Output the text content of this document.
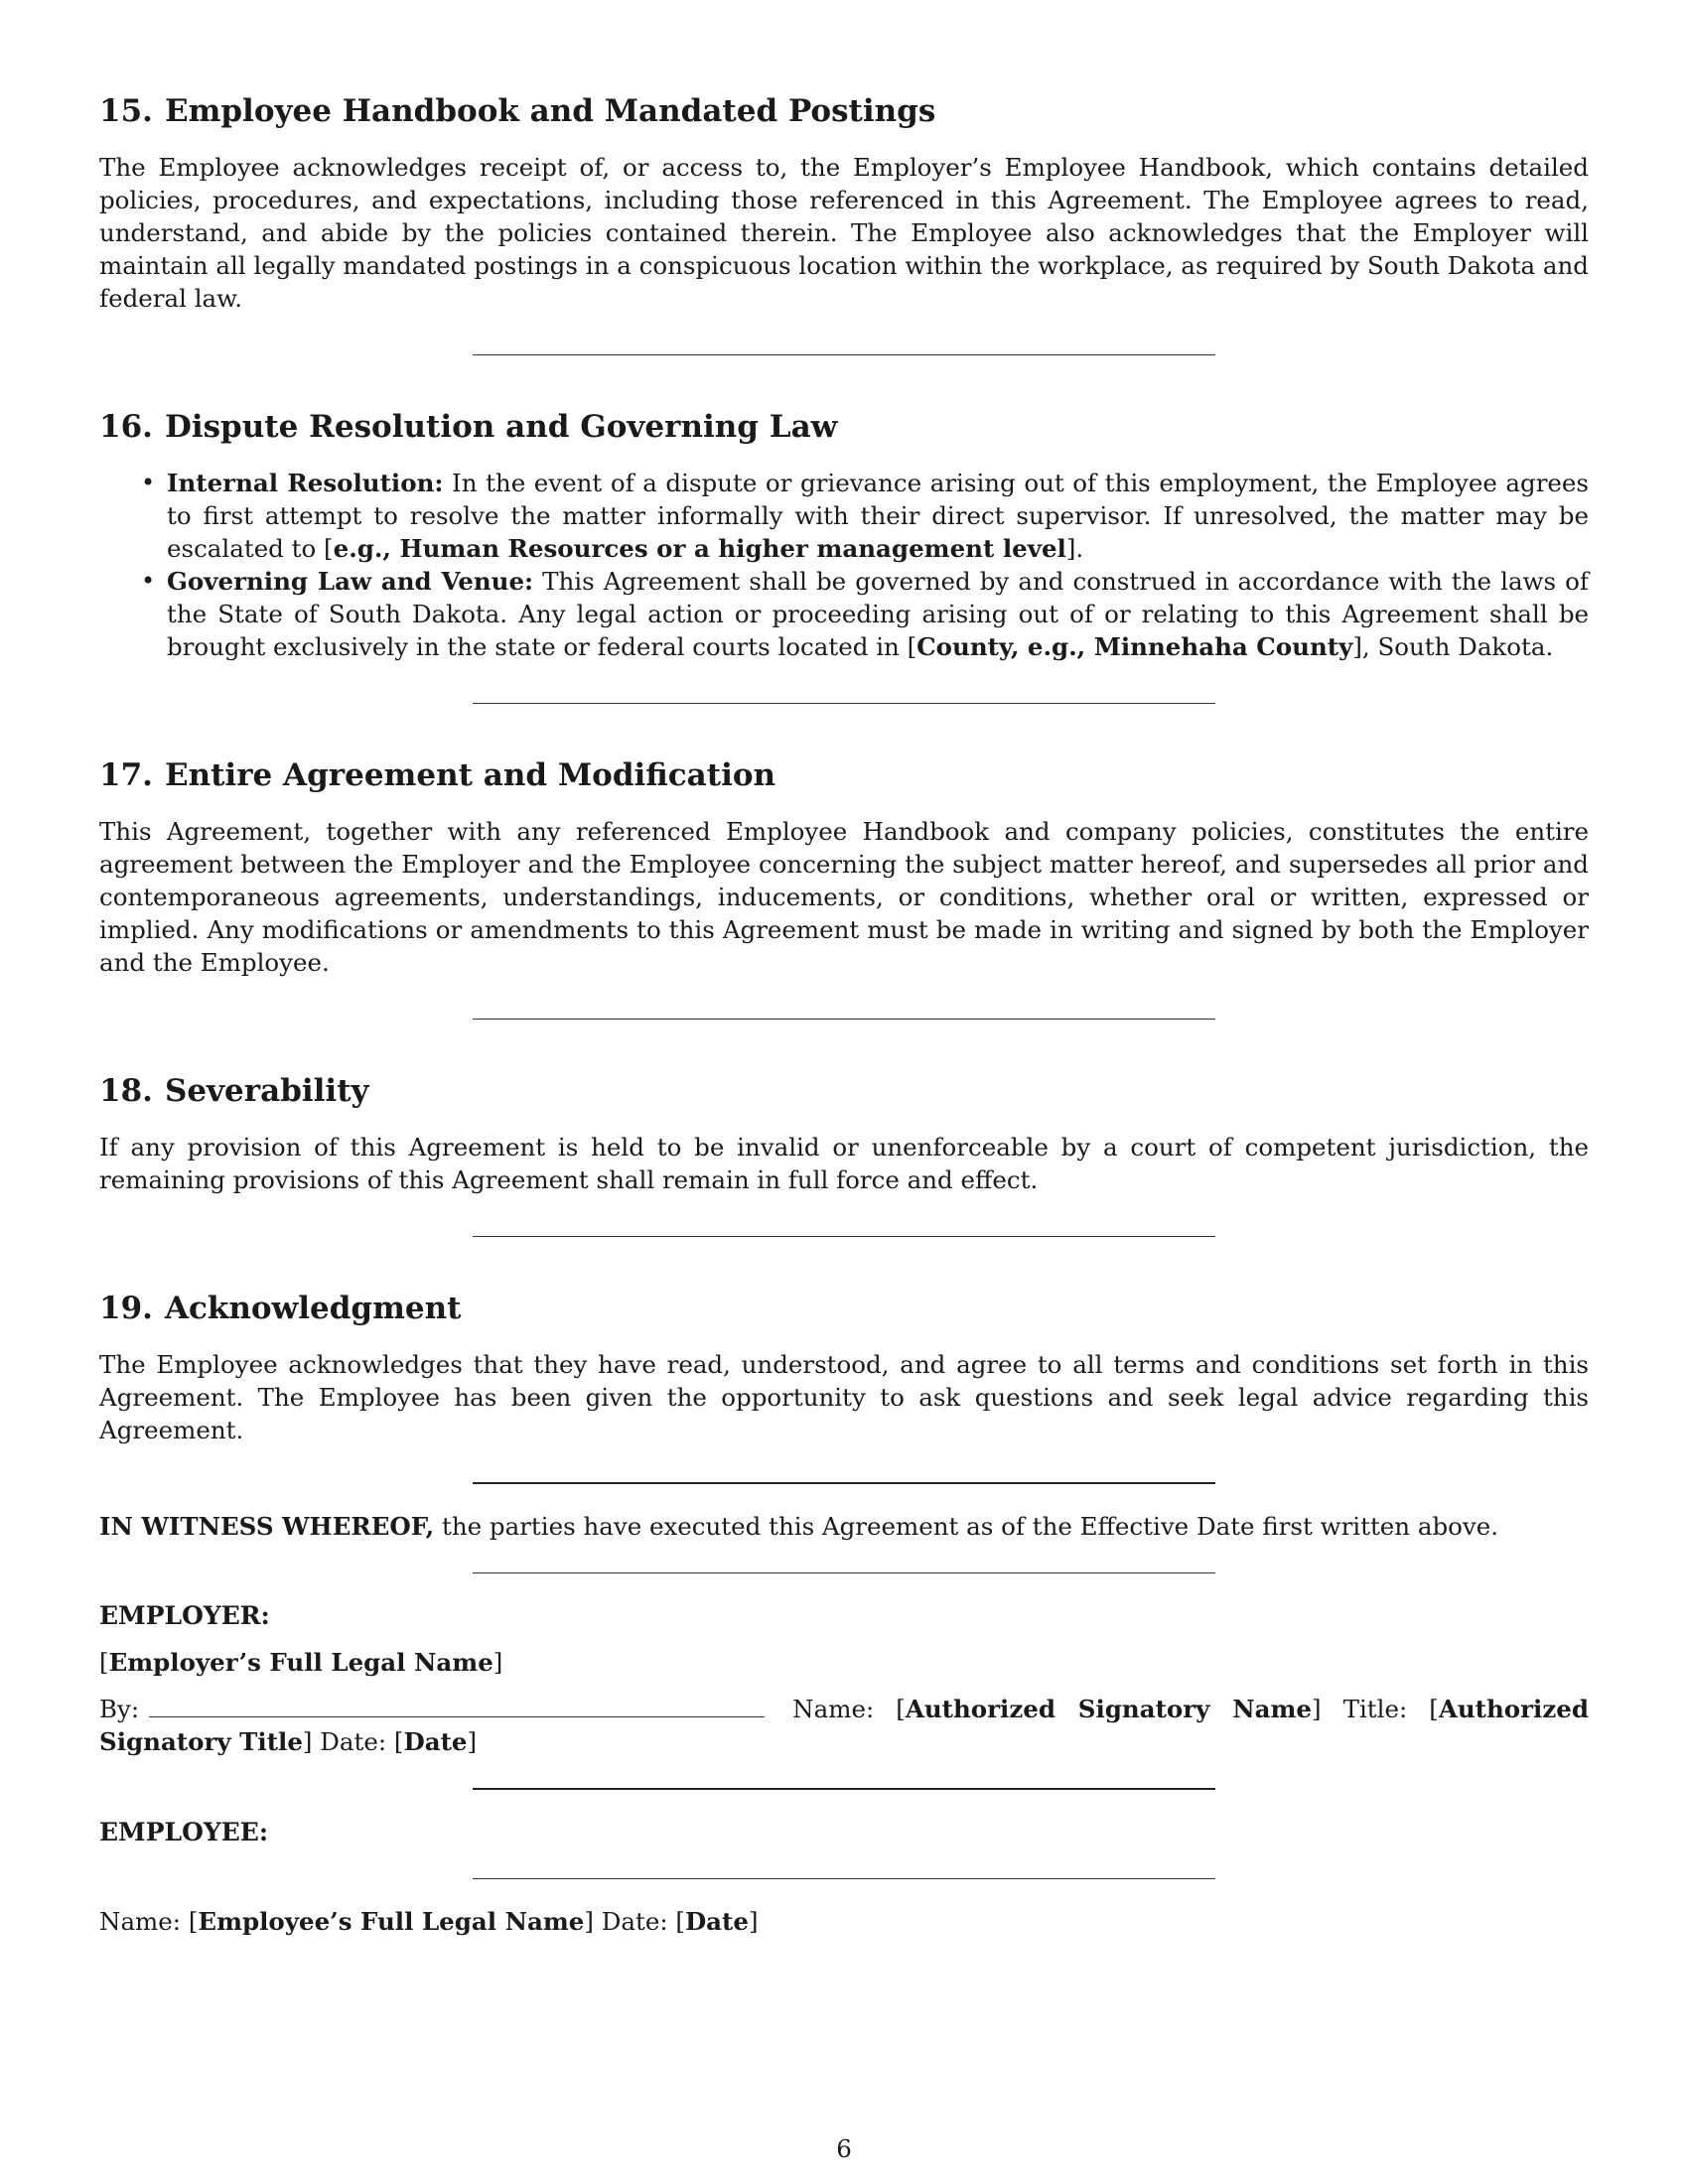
15. Employee Handbook and Mandated Postings

The Employee acknowledges receipt of, or access to, the Employer’s Employee Handbook, which contains detailed policies, procedures, and expectations, including those referenced in this Agreement. The Employee agrees to read, understand, and abide by the policies contained therein. The Employee also acknowledges that the Employer will maintain all legally mandated postings in a conspicuous location within the workplace, as required by South Dakota and federal law.

16. Dispute Resolution and Governing Law
• Internal Resolution: In the event of a dispute or grievance arising out of this employment, the Employee agrees to first attempt to resolve the matter informally with their direct supervisor. If unresolved, the matter may be escalated to [e.g., Human Resources or a higher management level].
• Governing Law and Venue: This Agreement shall be governed by and construed in accordance with the laws of the State of South Dakota. Any legal action or proceeding arising out of or relating to this Agreement shall be brought exclusively in the state or federal courts located in [County, e.g., Minnehaha County], South Dakota.
17. Entire Agreement and Modification

This Agreement, together with any referenced Employee Handbook and company policies, constitutes the entire agreement between the Employer and the Employee concerning the subject matter hereof, and supersedes all prior and contemporaneous agreements, understandings, inducements, or conditions, whether oral or written, expressed or implied. Any modifications or amendments to this Agreement must be made in writing and signed by both the Employer and the Employee.

18. Severability

If any provision of this Agreement is held to be invalid or unenforceable by a court of competent jurisdiction, the remaining provisions of this Agreement shall remain in full force and effect.

19. Acknowledgment

The Employee acknowledges that they have read, understood, and agree to all terms and conditions set forth in this Agreement. The Employee has been given the opportunity to ask questions and seek legal advice regarding this Agreement.

IN WITNESS WHEREOF, the parties have executed this Agreement as of the Effective Date first written above.

EMPLOYER:

[Employer’s Full Legal Name]

By:	Name: [Authorized Signatory Name] Title: [Authorized Signatory Title] Date: [Date]

EMPLOYEE:

Name: [Employee’s Full Legal Name] Date: [Date]

6
